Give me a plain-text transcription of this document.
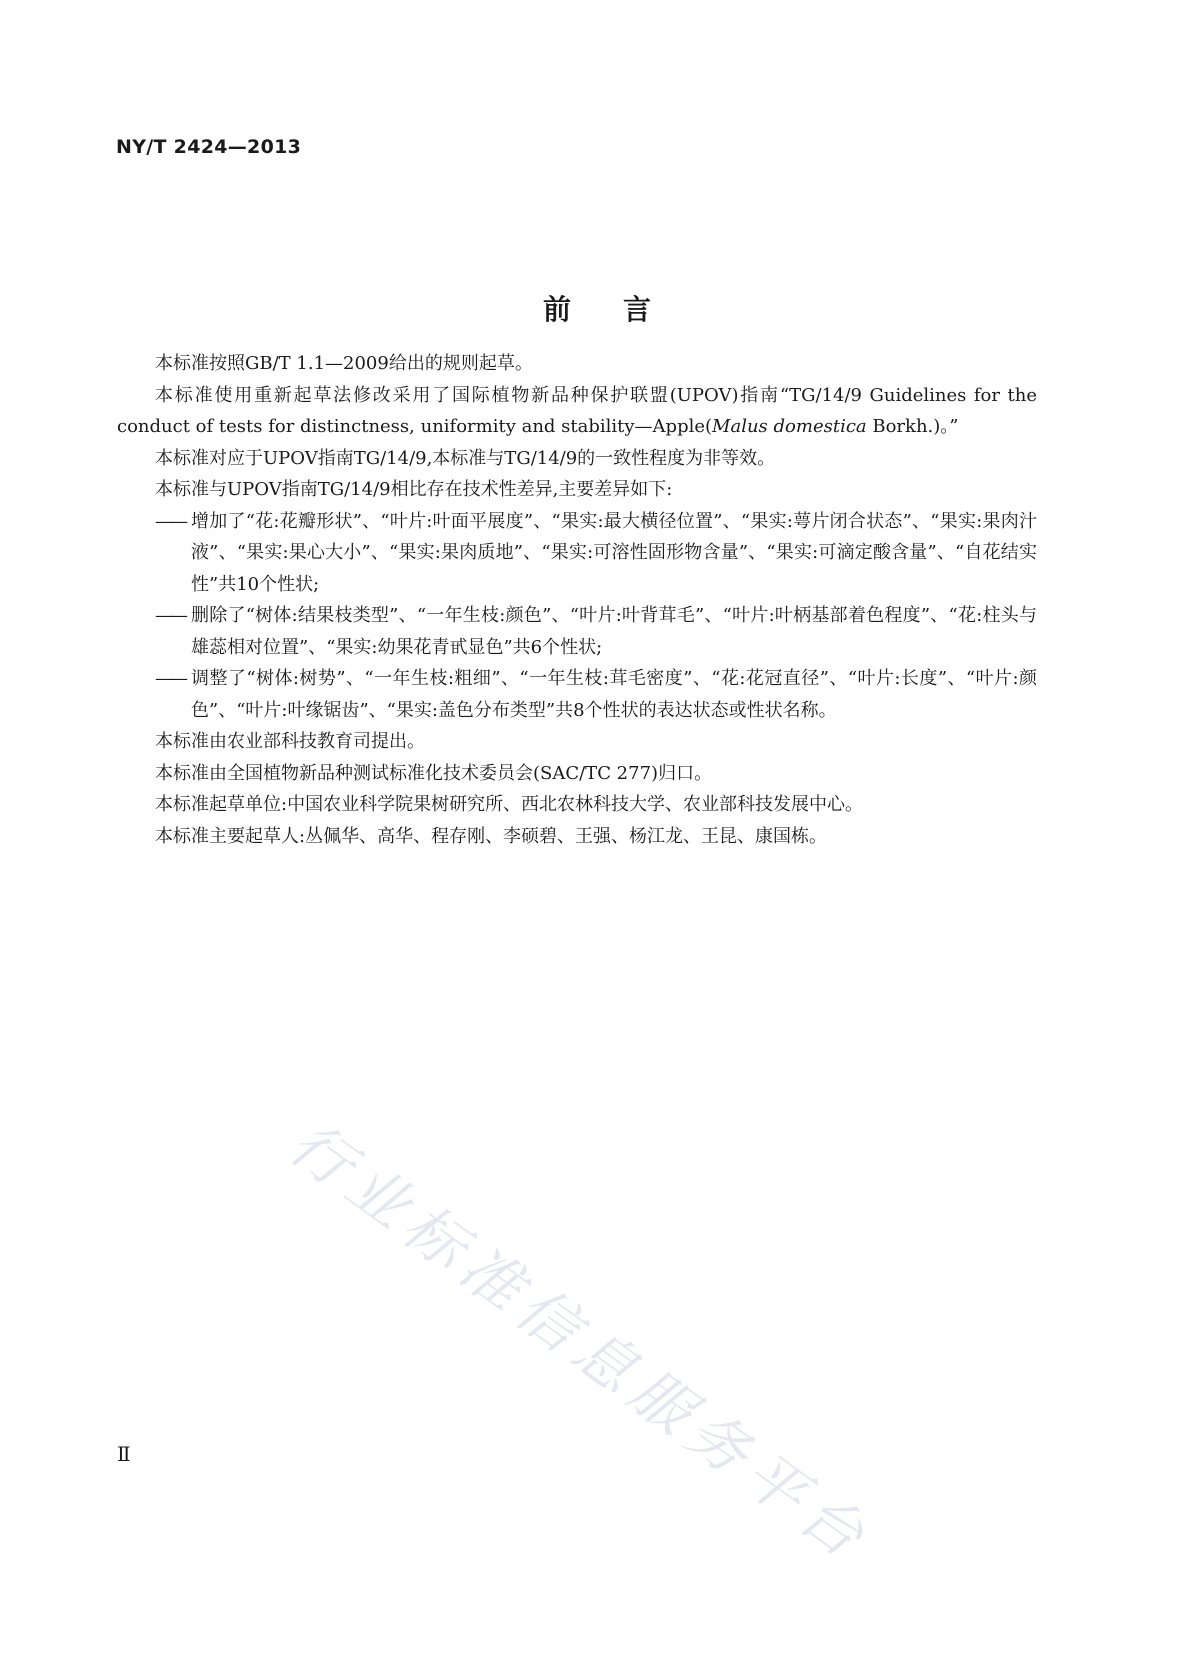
NY/T 2424—2013
前言

本标准按照GB/T 1.1—2009给出的规则起草。

本标准使用重新起草法修改采用了国际植物新品种保护联盟(UPOV)指南“TG/14/9 Guidelines for the conduct of tests for distinctness, uniformity and stability—Apple(Malus domestica Borkh.)。”

本标准对应于UPOV指南TG/14/9,本标准与TG/14/9的一致性程度为非等效。

本标准与UPOV指南TG/14/9相比存在技术性差异,主要差异如下:

—— 增加了“花:花瓣形状”、“叶片:叶面平展度”、“果实:最大横径位置”、“果实:萼片闭合状态”、“果实:果肉汁液”、“果实:果心大小”、“果实:果肉质地”、“果实:可溶性固形物含量”、“果实:可滴定酸含量”、“自花结实性”共10个性状;
—— 删除了“树体:结果枝类型”、“一年生枝:颜色”、“叶片:叶背茸毛”、“叶片:叶柄基部着色程度”、“花:柱头与雄蕊相对位置”、“果实:幼果花青甙显色”共6个性状;
—— 调整了“树体:树势”、“一年生枝:粗细”、“一年生枝:茸毛密度”、“花:花冠直径”、“叶片:长度”、“叶片:颜色”、“叶片:叶缘锯齿”、“果实:盖色分布类型”共8个性状的表达状态或性状名称。

本标准由农业部科技教育司提出。

本标准由全国植物新品种测试标准化技术委员会(SAC/TC 277)归口。

本标准起草单位:中国农业科学院果树研究所、西北农林科技大学、农业部科技发展中心。

本标准主要起草人:丛佩华、高华、程存刚、李硕碧、王强、杨江龙、王昆、康国栋。

行业标准信息服务平台
Ⅱ
